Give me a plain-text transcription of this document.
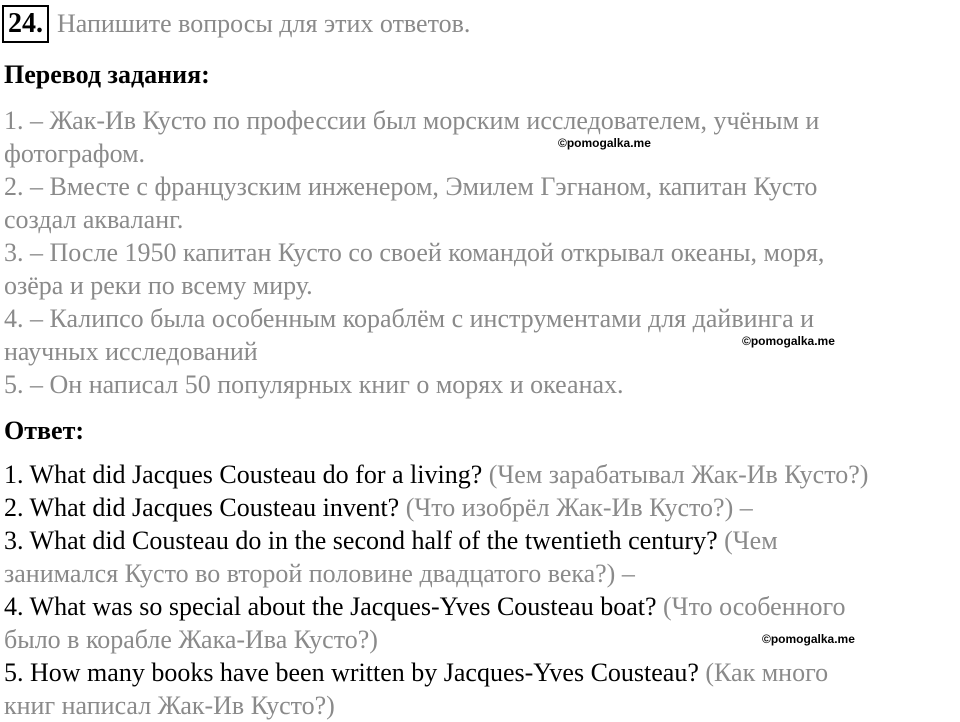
24. Напишите вопросы для этих ответов.
Перевод задания:
1. – Жак-Ив Кусто по профессии был морским исследователем, учёным и
фотографом.
2. – Вместе с французским инженером, Эмилем Гэгнаном, капитан Кусто
создал акваланг.
3. – После 1950 капитан Кусто со своей командой открывал океаны, моря,
озёра и реки по всему миру.
4. – Калипсо была особенным кораблём с инструментами для дайвинга и
научных исследований
5. – Он написал 50 популярных книг о морях и океанах.
Ответ:
1. What did Jacques Cousteau do for a living? (Чем зарабатывал Жак-Ив Кусто?)
2. What did Jacques Cousteau invent? (Что изобрёл Жак-Ив Кусто?) –
3. What did Cousteau do in the second half of the twentieth century? (Чем
занимался Кусто во второй половине двадцатого века?) –
4. What was so special about the Jacques-Yves Cousteau boat? (Что особенного
было в корабле Жака-Ива Кусто?)
5. How many books have been written by Jacques-Yves Cousteau? (Как много
книг написал Жак-Ив Кусто?)
©pomogalka.me
©pomogalka.me
©pomogalka.me
